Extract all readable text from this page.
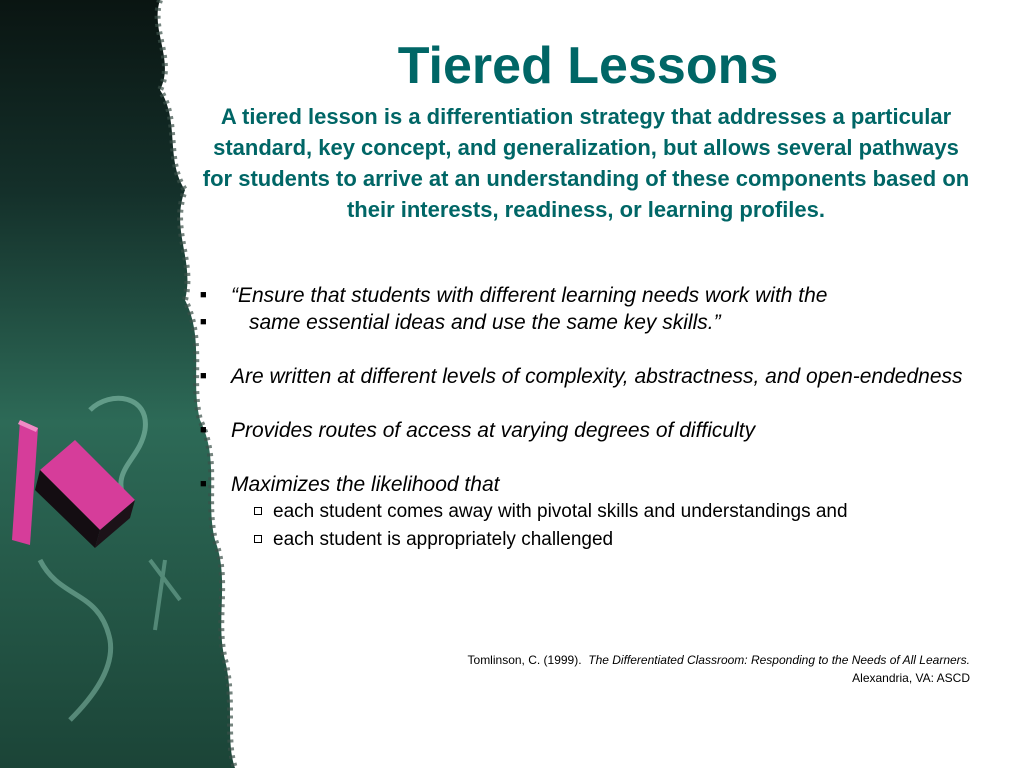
Tiered Lessons
A tiered lesson is a differentiation strategy that addresses a particular standard, key concept, and generalization, but allows several pathways for students to arrive at an understanding of these components based on their interests, readiness, or learning profiles.
■ “Ensure that students with different learning needs work with the
■ same essential ideas and use the same key skills.”
■ Are written at different levels of complexity, abstractness, and open-endedness
■ Provides routes of access at varying degrees of difficulty
■ Maximizes the likelihood that
each student comes away with pivotal skills and understandings and
each student is appropriately challenged
Tomlinson, C. (1999). The Differentiated Classroom: Responding to the Needs of All Learners.
Alexandria, VA: ASCD
